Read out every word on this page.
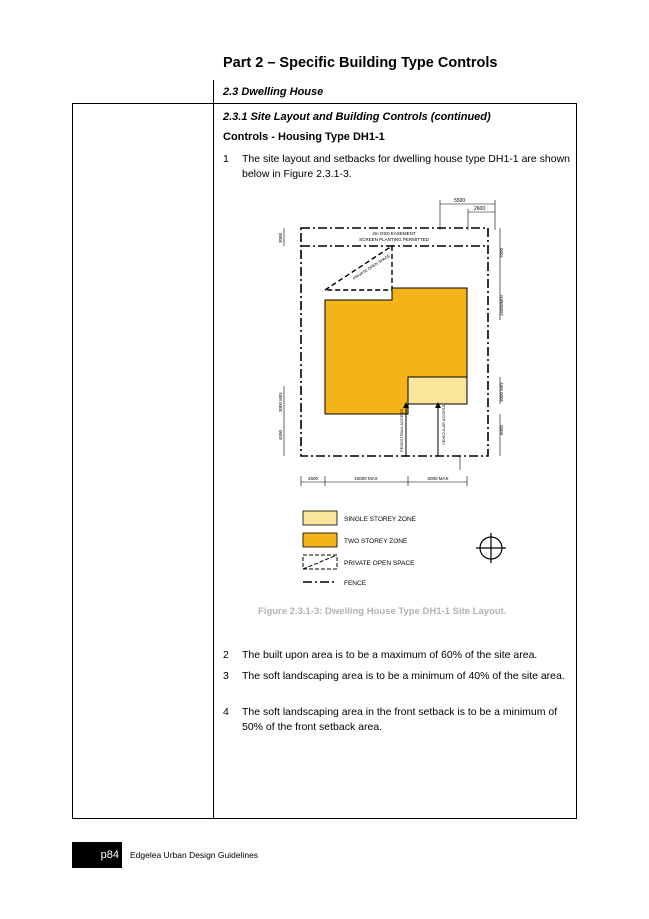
Part 2 – Specific Building Type Controls
2.3 Dwelling House
2.3.1 Site Layout and Building Controls (continued)
Controls - Housing Type DH1-1
1	The site layout and setbacks for dwelling house type DH1-1 are shown below in Figure 2.3.1-3.
5500
2600
2m OSD EASEMENT
SCREEN PLANTING PERMITTED
PRIVATE OPEN SPACE
PEDESTRIAN ACCESS	VEHICULAR ACCESS
3000
3000 MIN
4500
7000
15000MIN
3000 MIN
6000
2600	10000 MAX	5000 MAX
SINGLE STOREY ZONE
TWO STOREY ZONE
PRIVATE OPEN SPACE
FENCE
Figure 2.3.1-3: Dwelling House Type DH1-1 Site Layout.
2	The built upon area is to be a maximum of 60% of the site area.
3	The soft landscaping area is to be a minimum of 40% of the site area.
4	The soft landscaping area in the front setback is to be a minimum of 50% of the front setback area.
p84	Edgelea Urban Design Guidelines
